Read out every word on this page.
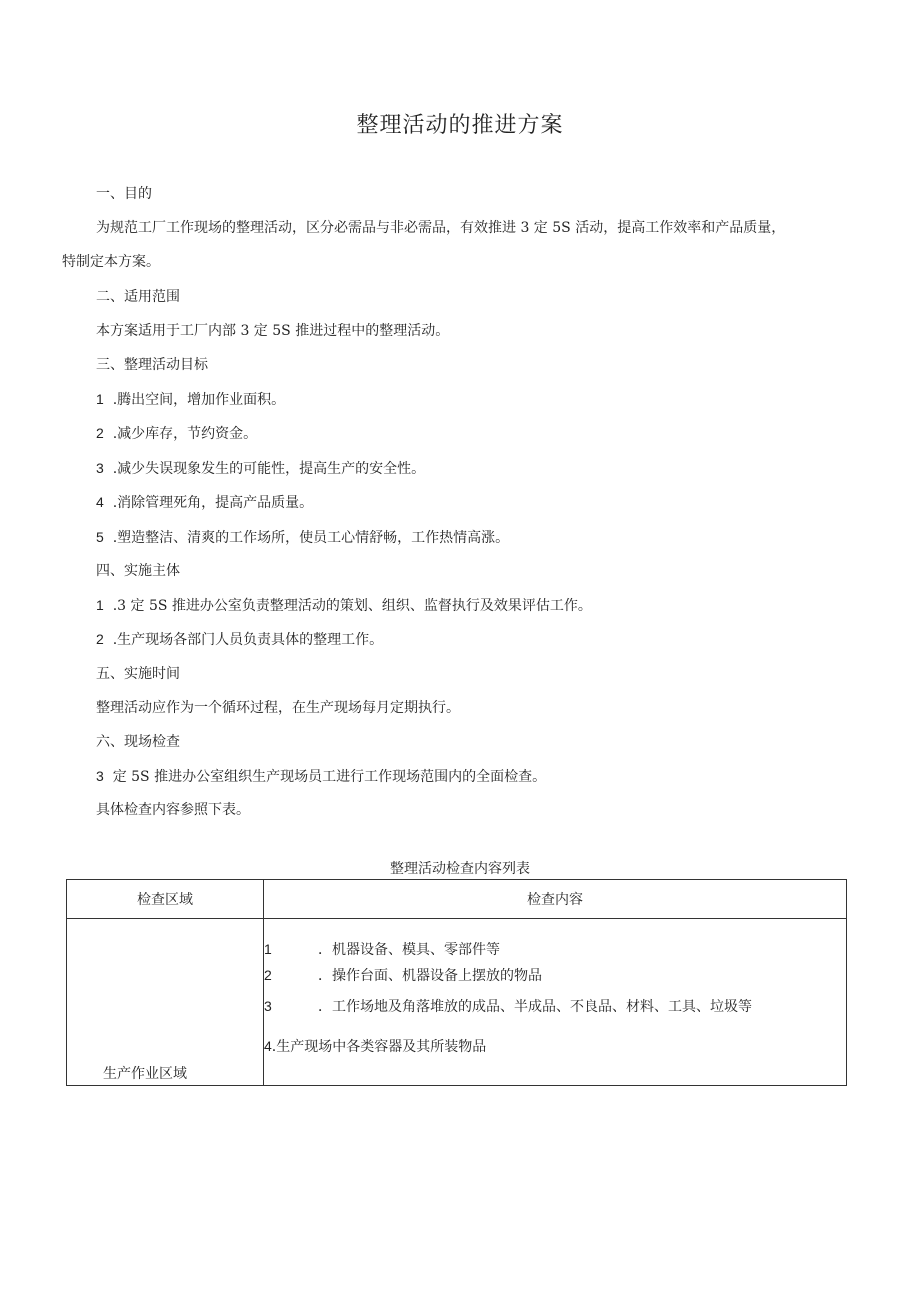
整理活动的推进方案
一、目的
为规范工厂工作现场的整理活动，区分必需品与非必需品，有效推进 3 定 5S 活动，提高工作效率和产品质量，
特制定本方案。
二、适用范围
本方案适用于工厂内部 3 定 5S 推进过程中的整理活动。
三、整理活动目标
1 .腾出空间，增加作业面积。
2 .减少库存，节约资金。
3 .减少失误现象发生的可能性，提高生产的安全性。
4 .消除管理死角，提高产品质量。
5 .塑造整洁、清爽的工作场所，使员工心情舒畅，工作热情高涨。
四、实施主体
1 .3 定 5S 推进办公室负责整理活动的策划、组织、监督执行及效果评估工作。
2 .生产现场各部门人员负责具体的整理工作。
五、实施时间
整理活动应作为一个循环过程，在生产现场每月定期执行。
六、现场检查
3 定 5S 推进办公室组织生产现场员工进行工作现场范围内的全面检查。
具体检查内容参照下表。
整理活动检查内容列表
检查区域	检查内容

生产作业区域	1 ．机器设备、模具、零部件等
2 ．操作台面、机器设备上摆放的物品
3 ．工作场地及角落堆放的成品、半成品、不良品、材料、工具、垃圾等
4.生产现场中各类容器及其所装物品
